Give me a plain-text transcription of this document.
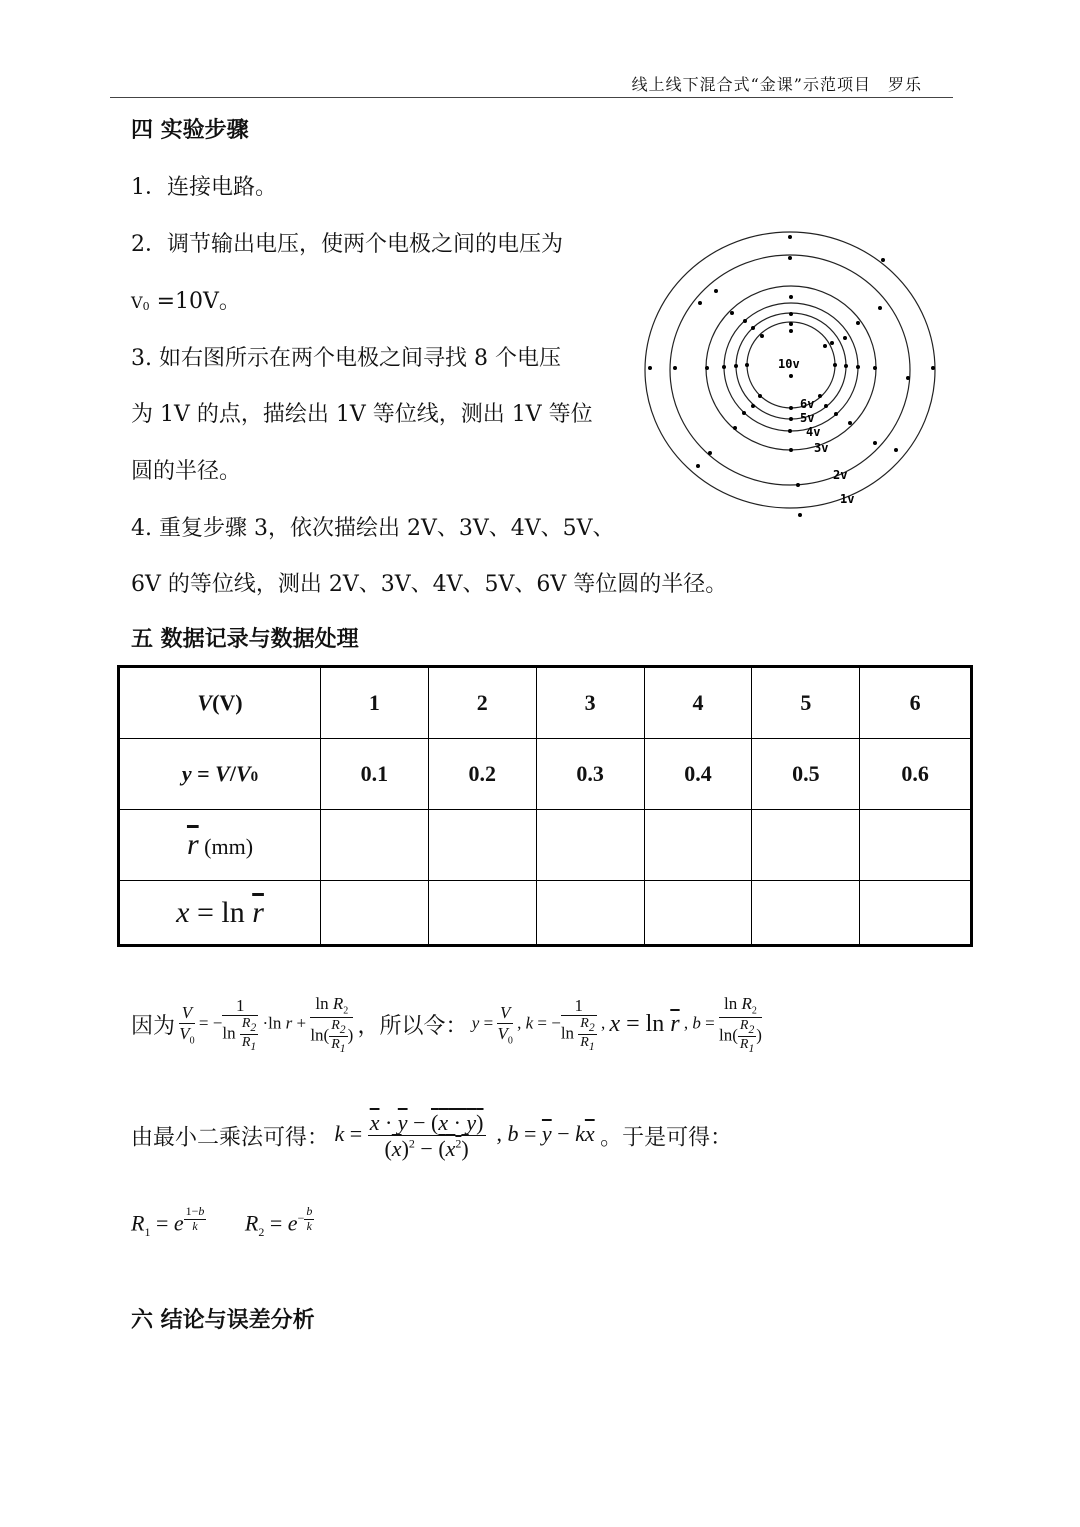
线上线下混合式“金课”示范项目　罗乐
四 实验步骤
1．连接电路。
2．调节输出电压，使两个电极之间的电压为
V0 =10V。
3. 如右图所示在两个电极之间寻找 8 个电压
为 1V 的点，描绘出 1V 等位线，测出 1V 等位
圆的半径。
4. 重复步骤 3，依次描绘出 2V、3V、4V、5V、
6V 的等位线，测出 2V、3V、4V、5V、6V 等位圆的半径。
10v
6v
5v
4v
3v
2v
1v
五 数据记录与数据处理
V(V)	1	2	3	4	5	6
y = V/V0	0.1	0.2	0.3	0.4	0.5	0.6
$\overline{r}$ (mm)						
$x = \ln \overline{r}$						
因为 $\frac{V}{V_0}$ = − $\frac{1}{\ln \frac{R_2}{R_1}} \cdot\ln$ $r + \frac{\ln R_2}{\ln( \frac{R_2}{R_1} )}$ ，所以令： $y = \frac{V}{V_0}$ , k = − $\frac{1}{\ln \frac{R_2}{R_1}}$ , $x = \ln \overline{r}$ , $b = \frac{\ln R_2}{\ln( \frac{R_2}{R_1} )}$
由最小二乘法可得： $k = \frac{\overline{x} \cdot \overline{y} - (x \cdot y)}{(\overline{x})^2 - (x^2)}$ , $b = \overline{y} - k\overline{x}$ 。于是可得：
$R_1 = e$ $^{\frac{1-b}{k}}$ $R_2 = e^{- \frac{b}{k}}$
六 结论与误差分析
